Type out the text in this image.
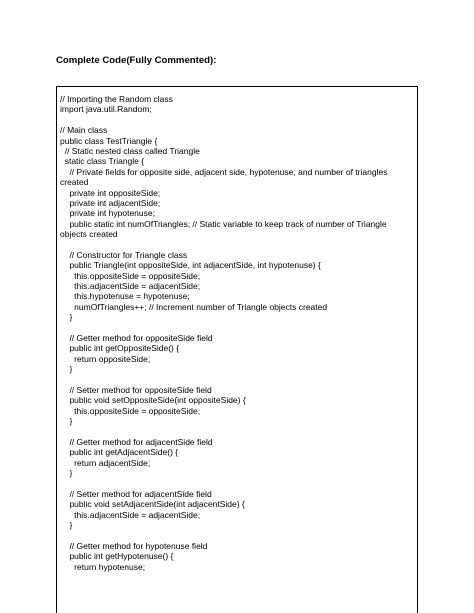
Complete Code(Fully Commented):
// Importing the Random class
import java.util.Random;
// Main class
public class TestTriangle {
// Static nested class called Triangle
static class Triangle {
// Private fields for opposite side, adjacent side, hypotenuse, and number of triangles
created
private int oppositeSide;
private int adjacentSide;
private int hypotenuse;
public static int numOfTriangles; // Static variable to keep track of number of Triangle
objects created
// Constructor for Triangle class
public Triangle(int oppositeSide, int adjacentSide, int hypotenuse) {
this.oppositeSide = oppositeSide;
this.adjacentSide = adjacentSide;
this.hypotenuse = hypotenuse;
numOfTriangles++; // Increment number of Triangle objects created
}
// Getter method for oppositeSide field
public int getOppositeSide() {
return oppositeSide;
}
// Setter method for oppositeSide field
public void setOppositeSide(int oppositeSide) {
this.oppositeSide = oppositeSide;
}
// Getter method for adjacentSide field
public int getAdjacentSide() {
return adjacentSide;
}
// Setter method for adjacentSide field
public void setAdjacentSide(int adjacentSide) {
this.adjacentSide = adjacentSide;
}
// Getter method for hypotenuse field
public int getHypotenuse() {
return hypotenuse;
